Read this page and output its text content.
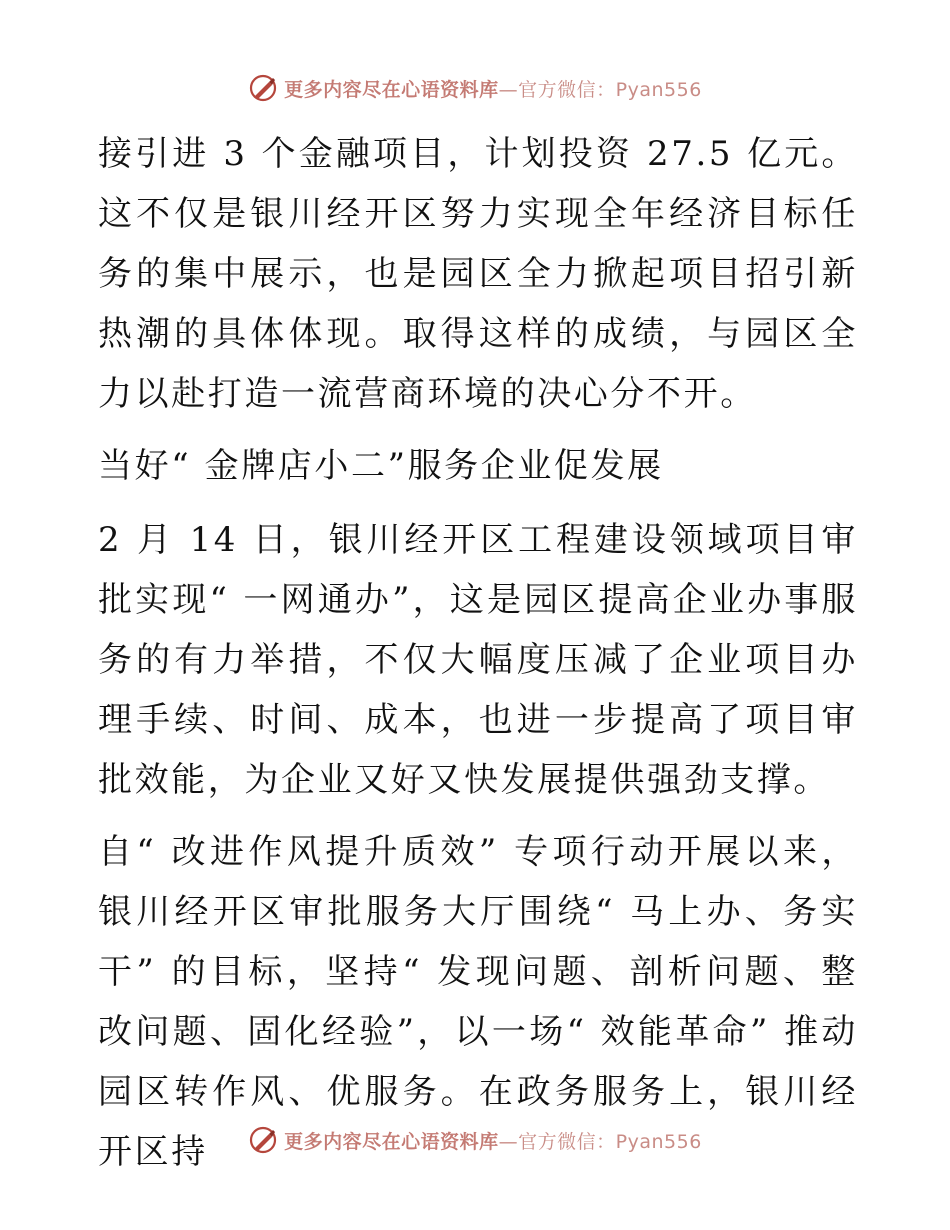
更多内容尽在心语资料库—官方微信：Pyan556

接引进 3 个金融项目，计划投资 27.5 亿元。这不仅是银川经开区努力实现全年经济目标任务的集中展示，也是园区全力掀起项目招引新热潮的具体体现。取得这样的成绩，与园区全力以赴打造一流营商环境的决心分不开。

当好“ 金牌店小二”服务企业促发展

2 月 14 日，银川经开区工程建设领域项目审批实现“ 一网通办”，这是园区提高企业办事服务的有力举措，不仅大幅度压减了企业项目办理手续、时间、成本，也进一步提高了项目审批效能，为企业又好又快发展提供强劲支撑。

自“ 改进作风提升质效” 专项行动开展以来，银川经开区审批服务大厅围绕“ 马上办、务实干” 的目标，坚持“ 发现问题、剖析问题、整改问题、固化经验”，以一场“ 效能革命” 推动园区转作风、优服务。在政务服务上，银川经开区持	更多内容尽在心语资料库—官方微信：Pyan556
